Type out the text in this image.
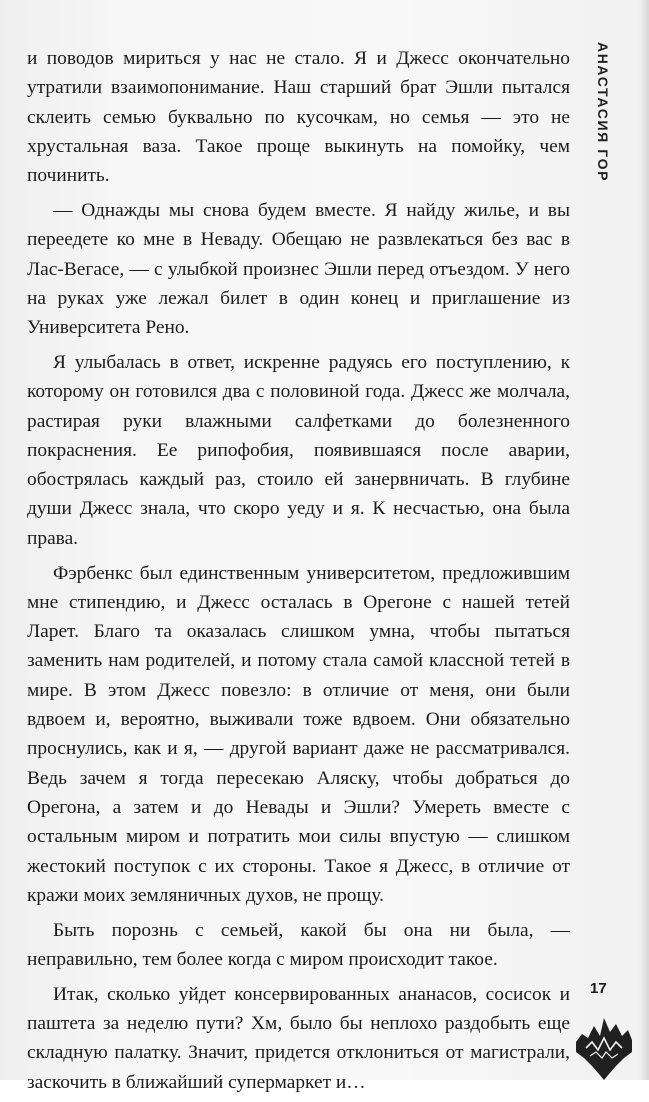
и поводов мириться у нас не стало. Я и Джесс окончательно утратили взаимопонимание. Наш старший брат Эшли пытался склеить семью буквально по кусочкам, но семья — это не хрустальная ваза. Такое проще выкинуть на помойку, чем починить.

— Однажды мы снова будем вместе. Я найду жилье, и вы переедете ко мне в Неваду. Обещаю не развлекаться без вас в Лас-Вегасе, — с улыбкой произнес Эшли перед отъездом. У него на руках уже лежал билет в один конец и приглашение из Университета Рено.

Я улыбалась в ответ, искренне радуясь его поступлению, к которому он готовился два с половиной года. Джесс же молчала, растирая руки влажными салфетками до болезненного покраснения. Ее рипофобия, появившаяся после аварии, обострялась каждый раз, стоило ей занервничать. В глубине души Джесс знала, что скоро уеду и я. К несчастью, она была права.

Фэрбенкс был единственным университетом, предложившим мне стипендию, и Джесс осталась в Орегоне с нашей тетей Ларет. Благо та оказалась слишком умна, чтобы пытаться заменить нам родителей, и потому стала самой классной тетей в мире. В этом Джесс повезло: в отличие от меня, они были вдвоем и, вероятно, выживали тоже вдвоем. Они обязательно проснулись, как и я, — другой вариант даже не рассматривался. Ведь зачем я тогда пересекаю Аляску, чтобы добраться до Орегона, а затем и до Невады и Эшли? Умереть вместе с остальным миром и потратить мои силы впустую — слишком жестокий поступок с их стороны. Такое я Джесс, в отличие от кражи моих земляничных духов, не прощу.

Быть порознь с семьей, какой бы она ни была, — неправильно, тем более когда с миром происходит такое.

Итак, сколько уйдет консервированных ананасов, сосисок и паштета за неделю пути? Хм, было бы неплохо раздобыть еще складную палатку. Значит, придется отклониться от магистрали, заскочить в ближайший супермаркет и…

АНАСТАСИЯ ГОР
17
